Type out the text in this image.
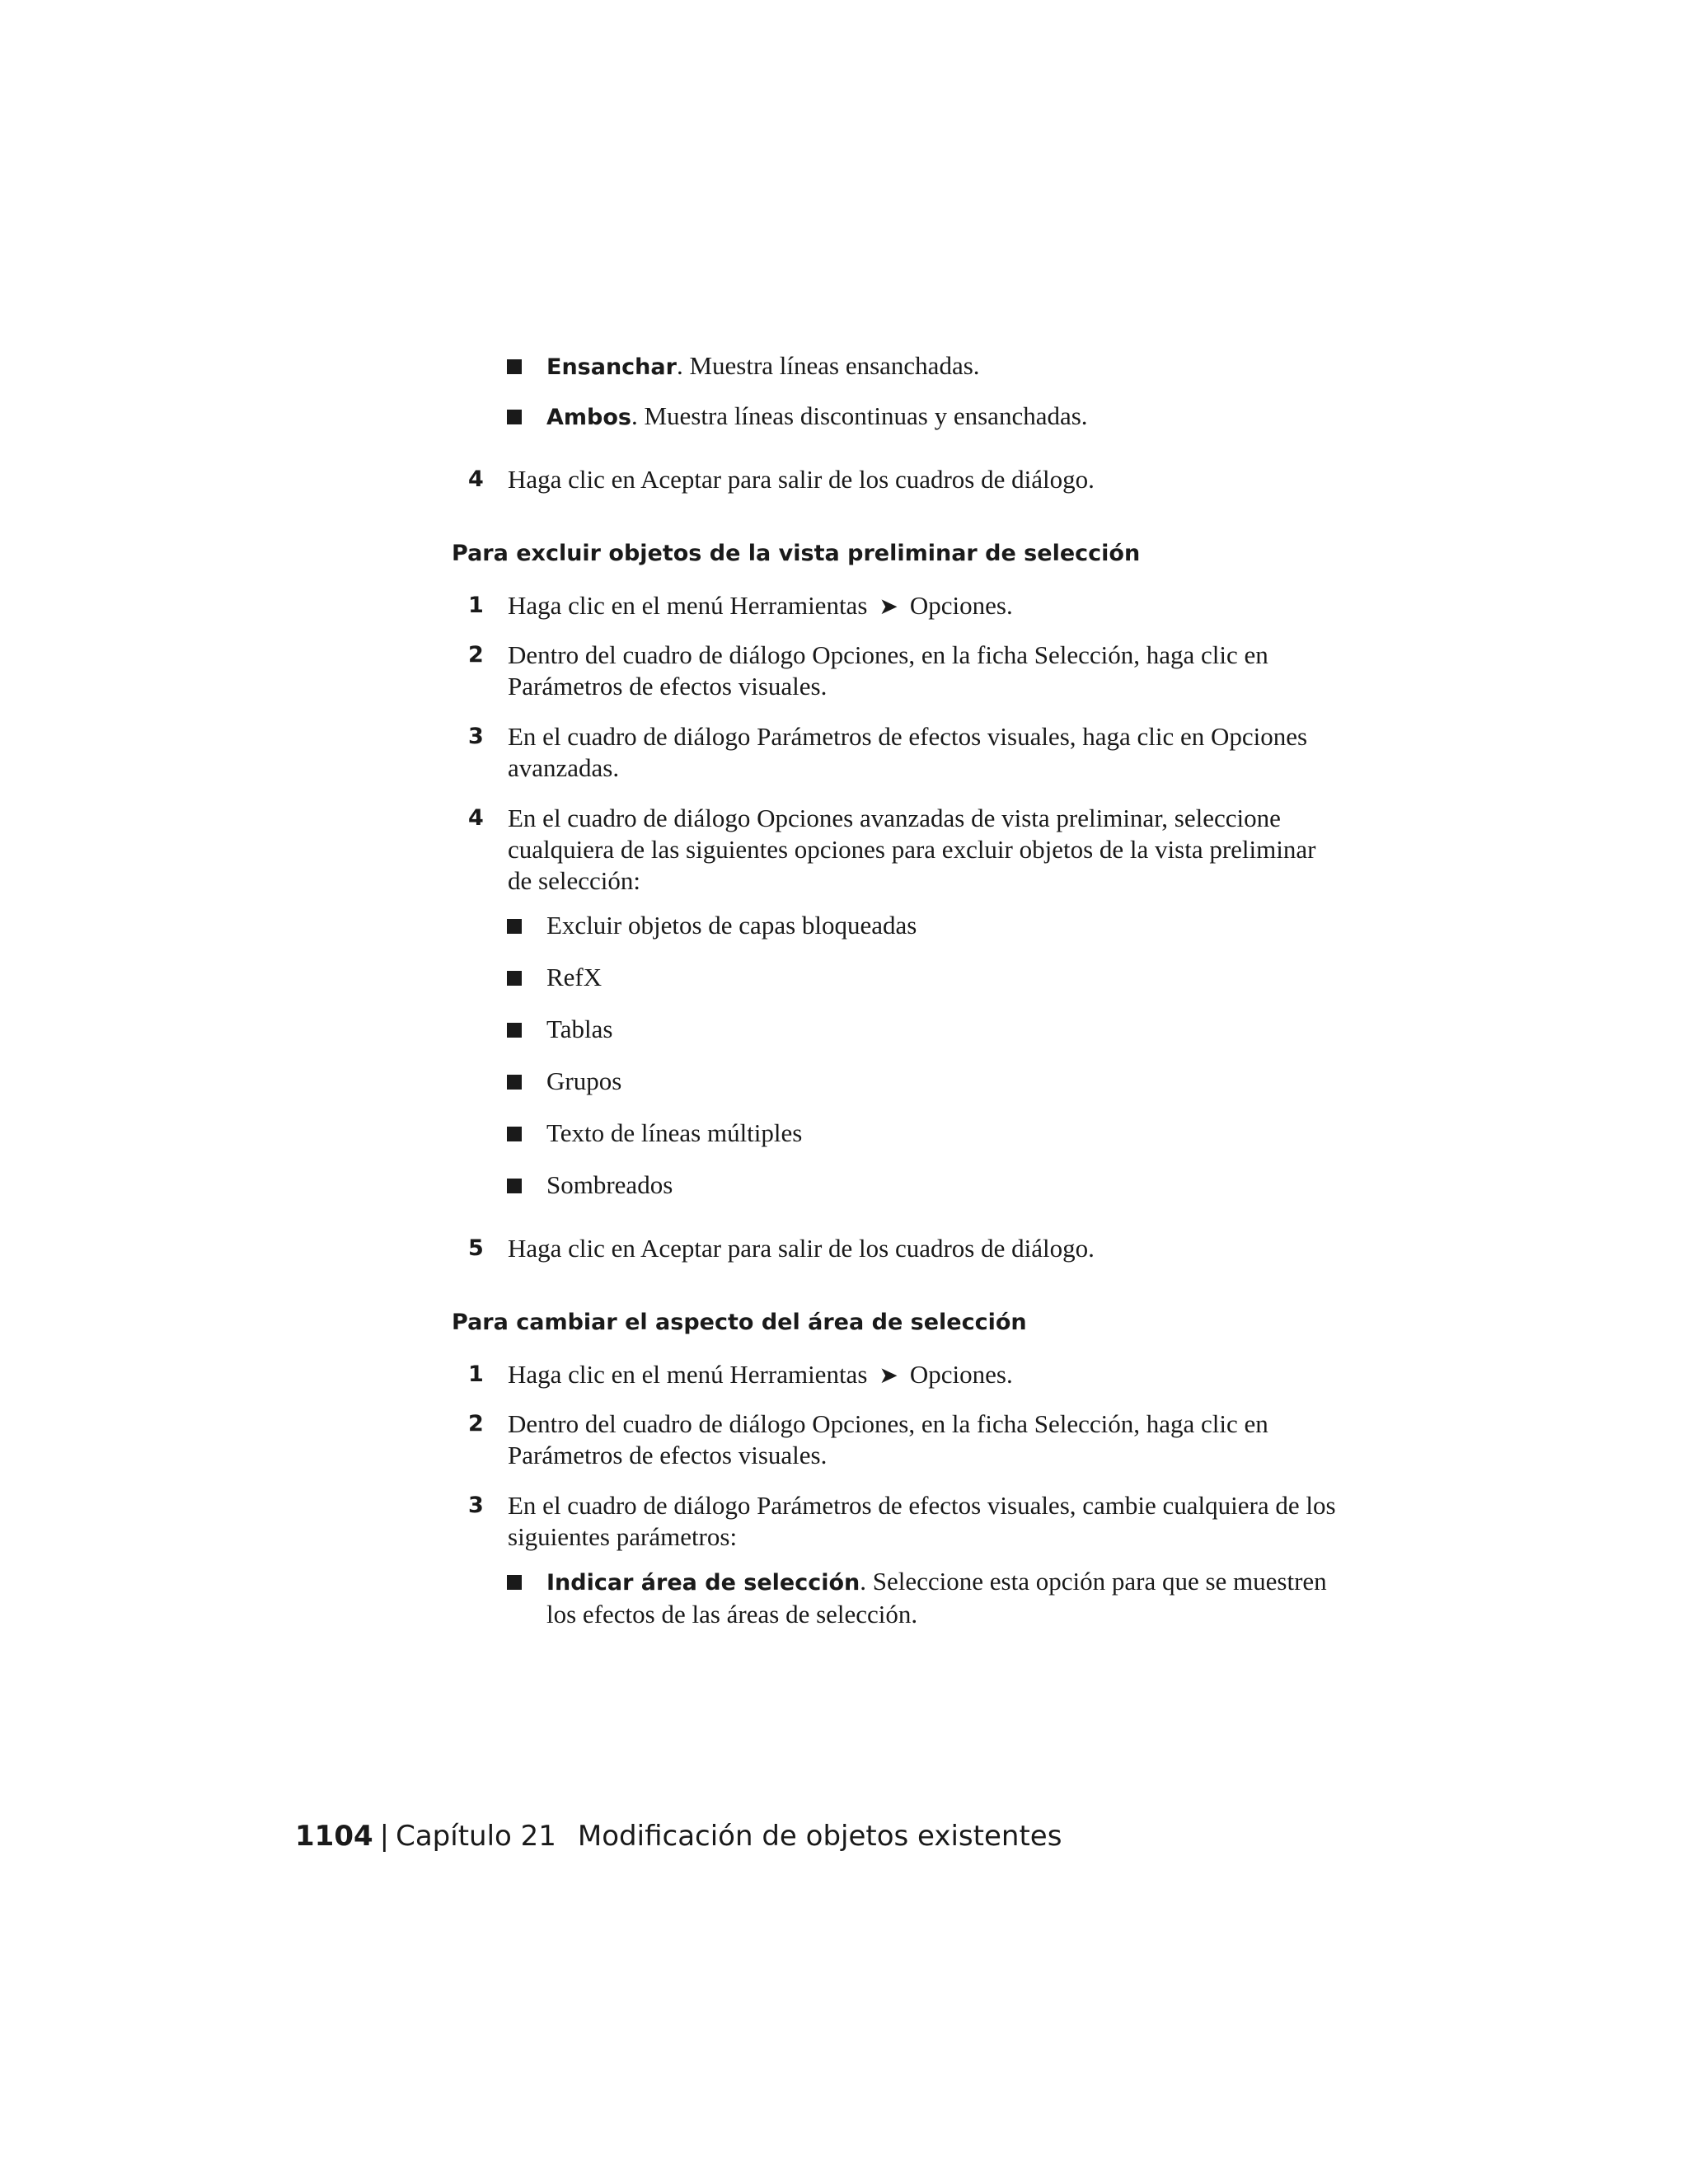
Ensanchar. Muestra líneas ensanchadas.
Ambos. Muestra líneas discontinuas y ensanchadas.
4 Haga clic en Aceptar para salir de los cuadros de diálogo.
Para excluir objetos de la vista preliminar de selección
1 Haga clic en el menú Herramientas ➤ Opciones.
2 Dentro del cuadro de diálogo Opciones, en la ficha Selección, haga clic en Parámetros de efectos visuales.
3 En el cuadro de diálogo Parámetros de efectos visuales, haga clic en Opciones avanzadas.
4 En el cuadro de diálogo Opciones avanzadas de vista preliminar, seleccione cualquiera de las siguientes opciones para excluir objetos de la vista preliminar de selección:
Excluir objetos de capas bloqueadas
RefX
Tablas
Grupos
Texto de líneas múltiples
Sombreados
5 Haga clic en Aceptar para salir de los cuadros de diálogo.
Para cambiar el aspecto del área de selección
1 Haga clic en el menú Herramientas ➤ Opciones.
2 Dentro del cuadro de diálogo Opciones, en la ficha Selección, haga clic en Parámetros de efectos visuales.
3 En el cuadro de diálogo Parámetros de efectos visuales, cambie cualquiera de los siguientes parámetros:
Indicar área de selección. Seleccione esta opción para que se muestren los efectos de las áreas de selección.
1104 | Capítulo 21 Modificación de objetos existentes
